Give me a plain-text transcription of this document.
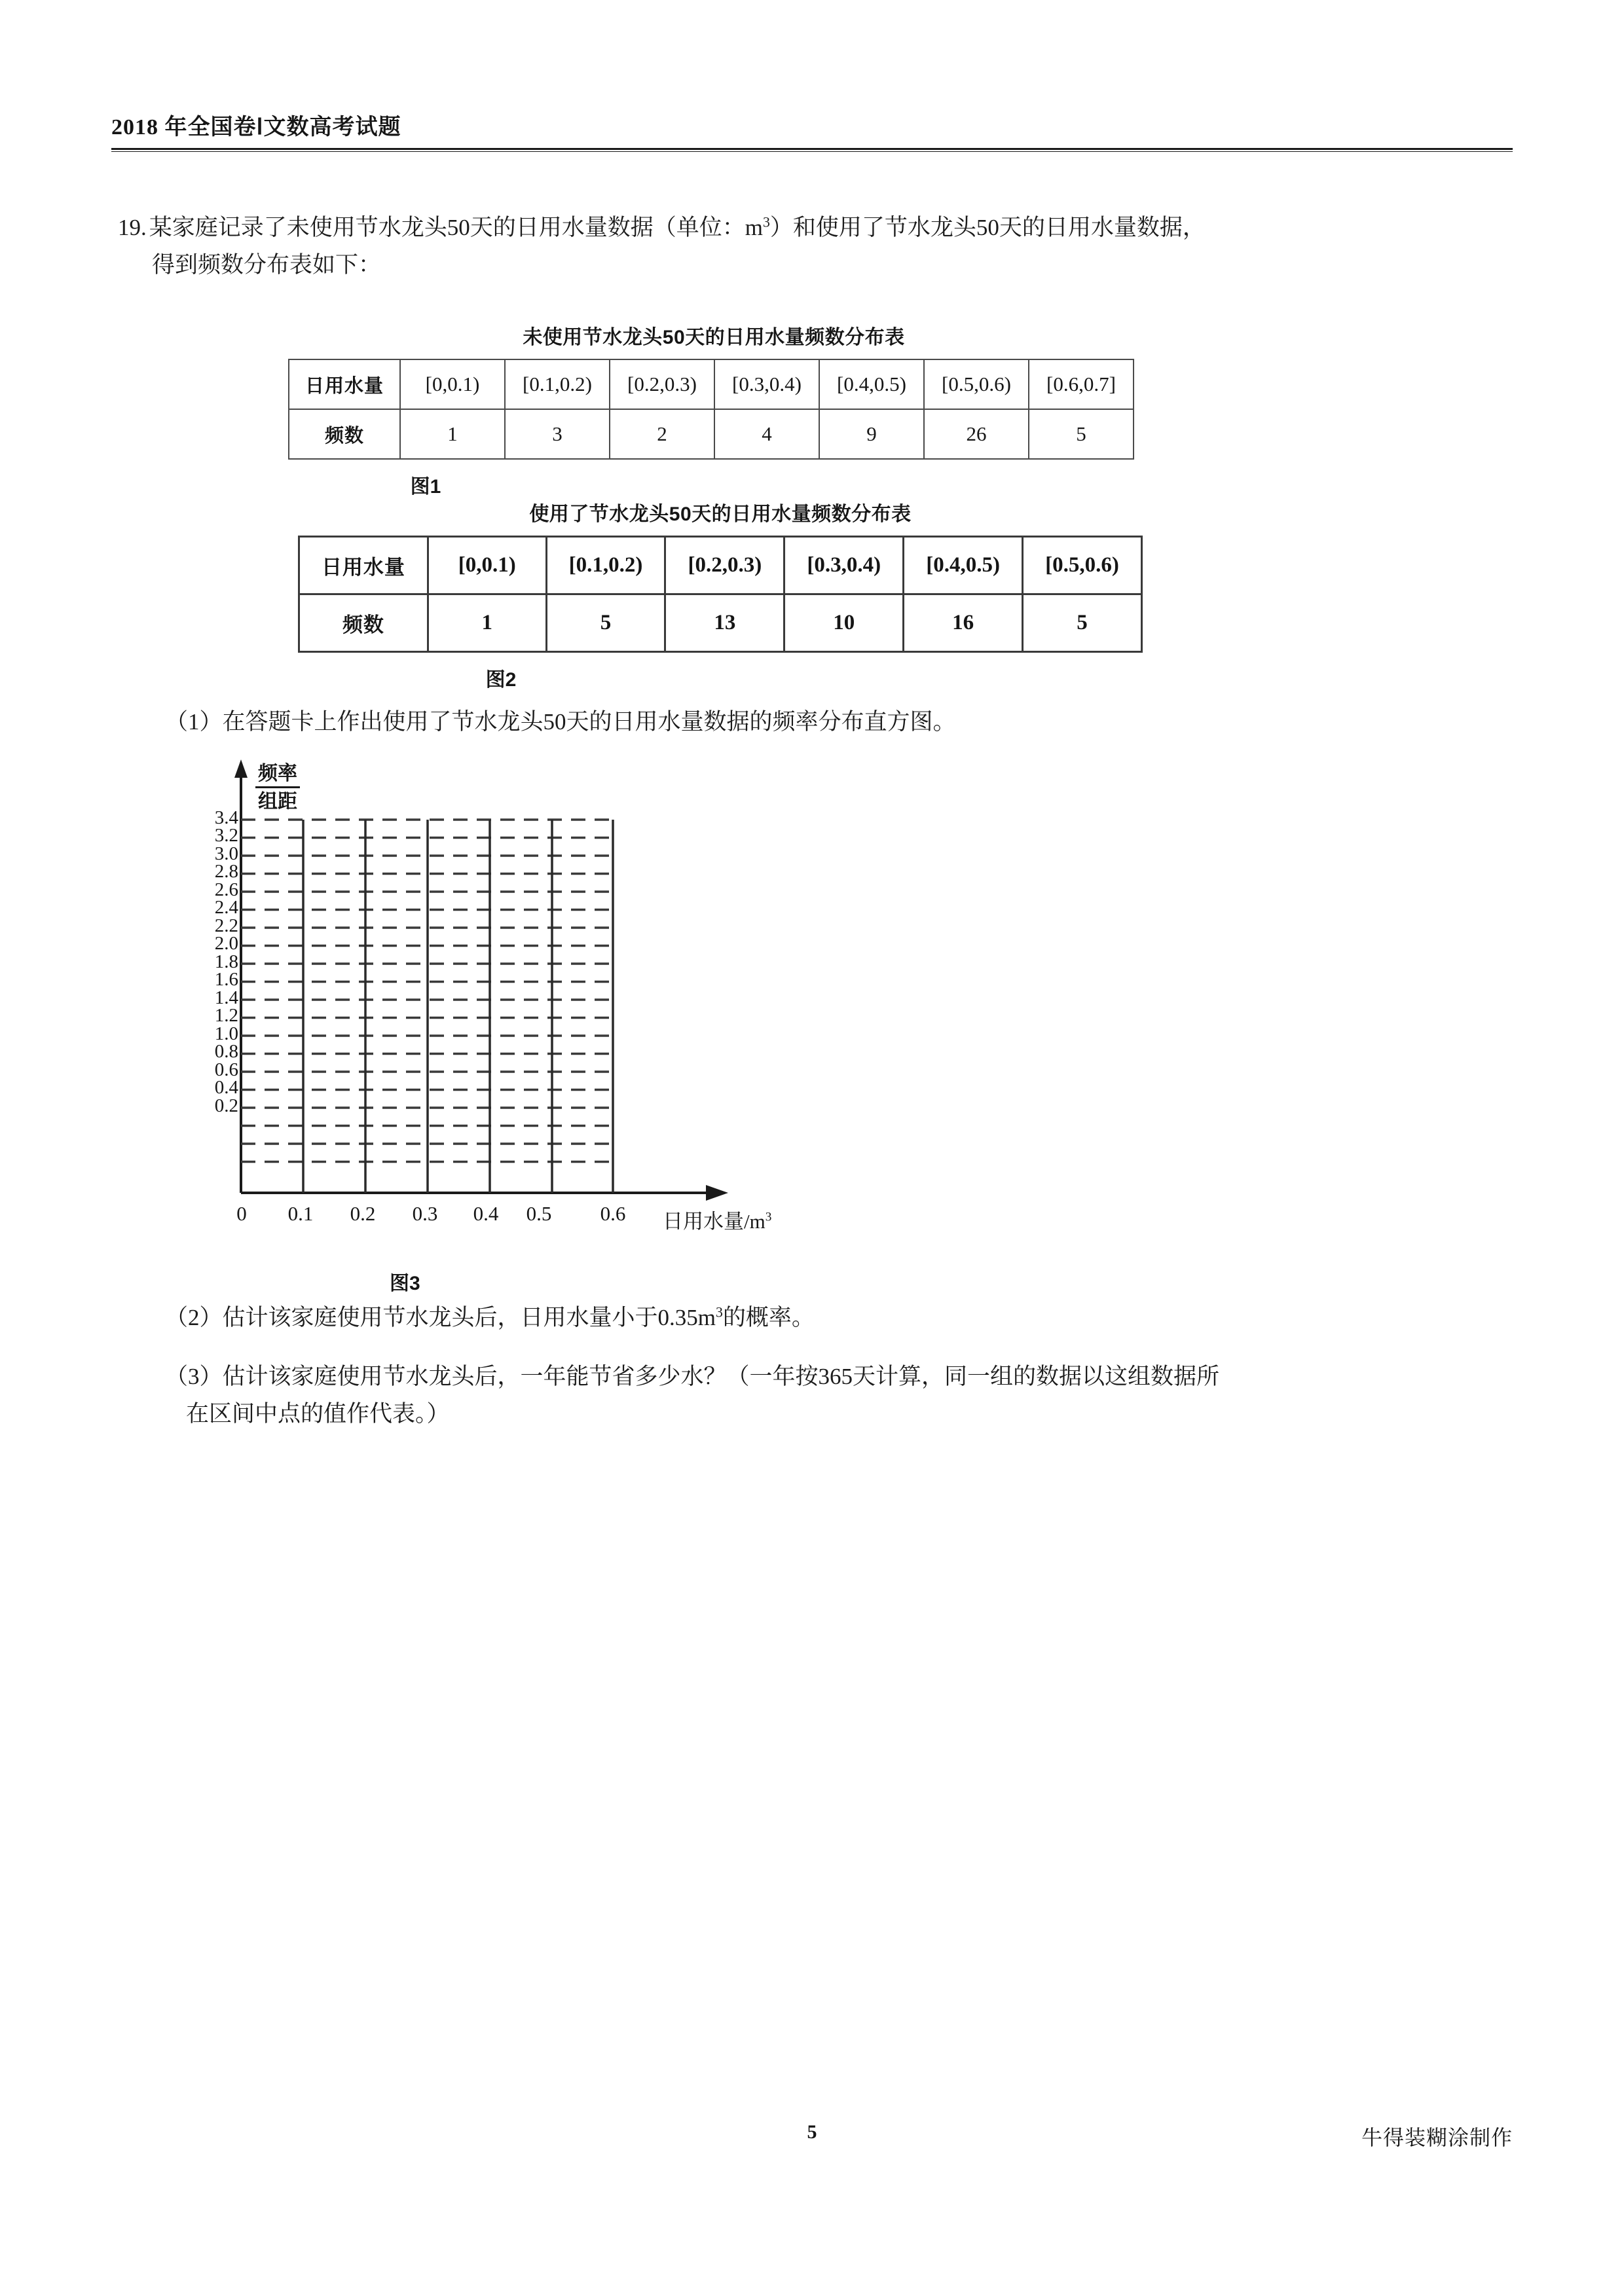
2018 年全国卷Ⅰ文数高考试题
19. 某家庭记录了未使用节水龙头50天的日用水量数据（单位：$m^3$）和使用了节水龙头50天的日用水量数据，
得到频数分布表如下：
未使用节水龙头50天的日用水量频数分布表
日用水量	[0,0.1)	[0.1,0.2)	[0.2,0.3)	[0.3,0.4)	[0.4,0.5)	[0.5,0.6)	[0.6,0.7]
频数	1	3	2	4	9	26	5
图1
使用了节水龙头50天的日用水量频数分布表
日用水量	[0,0.1)	[0.1,0.2)	[0.2,0.3)	[0.3,0.4)	[0.4,0.5)	[0.5,0.6)
频数	1	5	13	10	16	5
图2
（1）在答题卡上作出使用了节水龙头50天的日用水量数据的频率分布直方图。
3.4
3.2
3.0
2.8
2.6
2.4
2.2
2.0
1.8
1.6
1.4
1.2
1.0
0.8
0.6
0.4
0.2
频率
组距
0	0.1	0.2	0.3	0.4	0.5	0.6	日用水量$/m^3$
图3
（2）估计该家庭使用节水龙头后，日用水量小于$0.35m^3$的概率。
（3）估计该家庭使用节水龙头后，一年能节省多少水？（一年按365天计算，同一组的数据以这组数据所
在区间中点的值作代表。）
5	牛得装糊涂制作
